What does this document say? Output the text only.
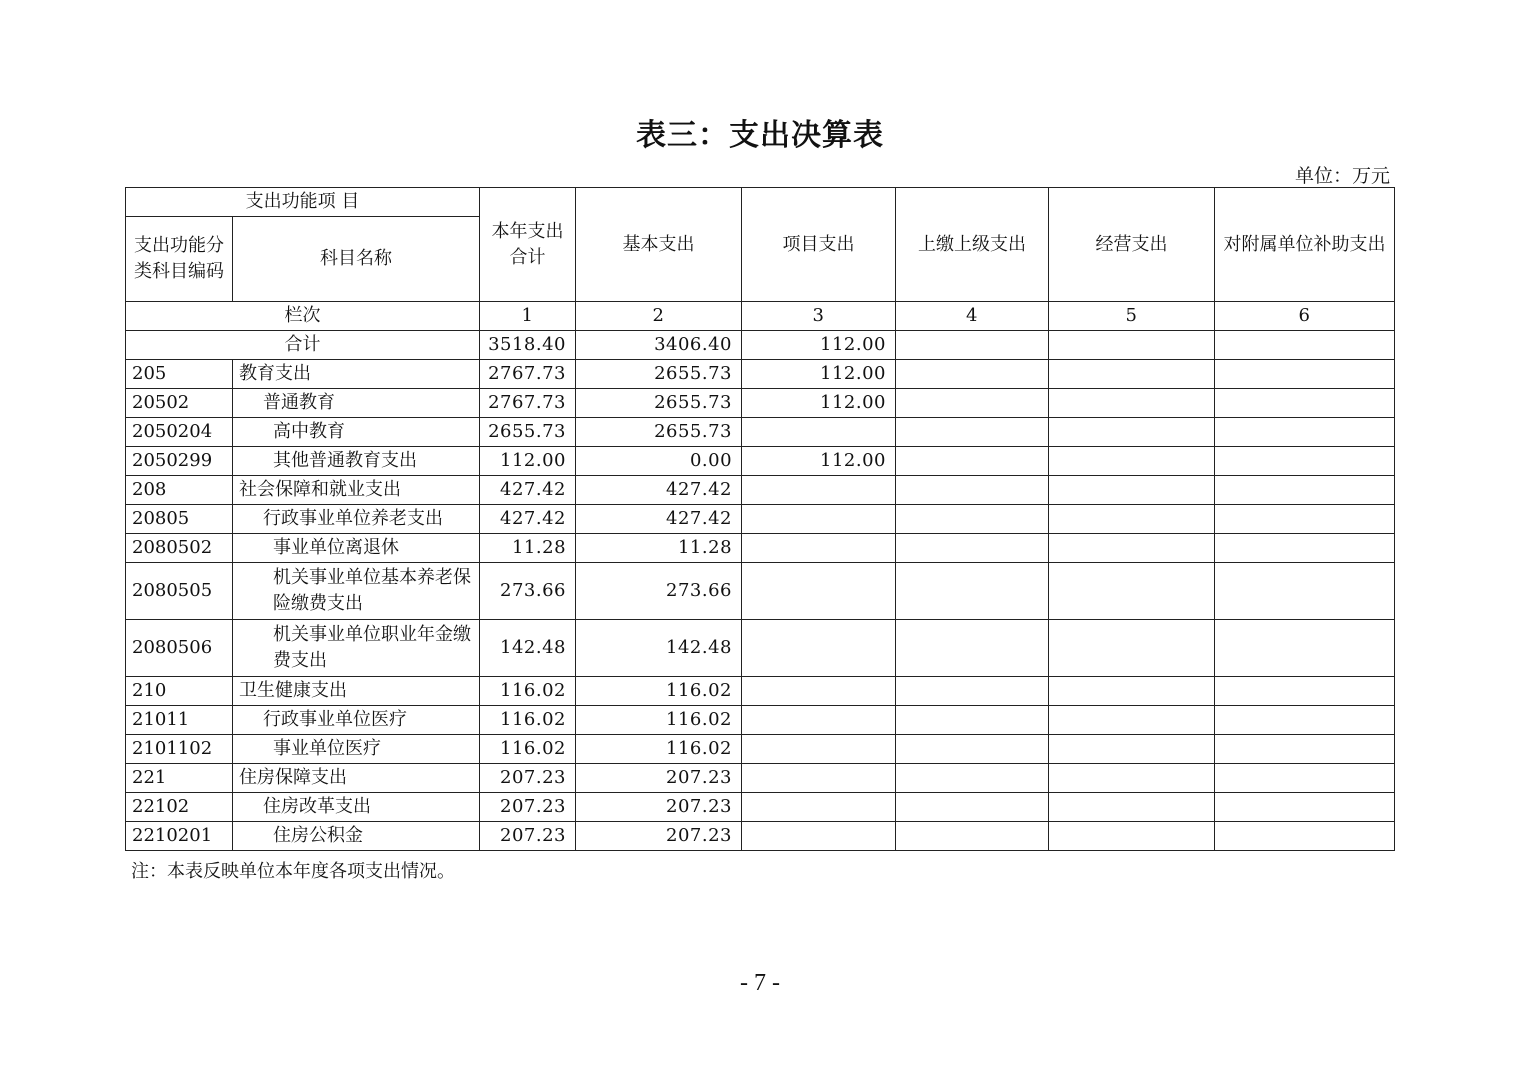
表三：支出决算表
单位：万元
支出功能项 目		本年支出合计	基本支出	项目支出	上缴上级支出	经营支出	对附属单位补助支出
支出功能分类科目编码	科目名称						
栏次		1	2	3	4	5	6
合计		3518.40	3406.40	112.00			
205	教育支出	2767.73	2655.73	112.00			
20502	普通教育	2767.73	2655.73	112.00			
2050204	高中教育	2655.73	2655.73				
2050299	其他普通教育支出	112.00	0.00	112.00			
208	社会保障和就业支出	427.42	427.42				
20805	行政事业单位养老支出	427.42	427.42				
2080502	事业单位离退休	11.28	11.28				
2080505	机关事业单位基本养老保险缴费支出	273.66	273.66				
2080506	机关事业单位职业年金缴费支出	142.48	142.48				
210	卫生健康支出	116.02	116.02				
21011	行政事业单位医疗	116.02	116.02				
2101102	事业单位医疗	116.02	116.02				
221	住房保障支出	207.23	207.23				
22102	住房改革支出	207.23	207.23				
2210201	住房公积金	207.23	207.23				
注：本表反映单位本年度各项支出情况。
- 7 -
